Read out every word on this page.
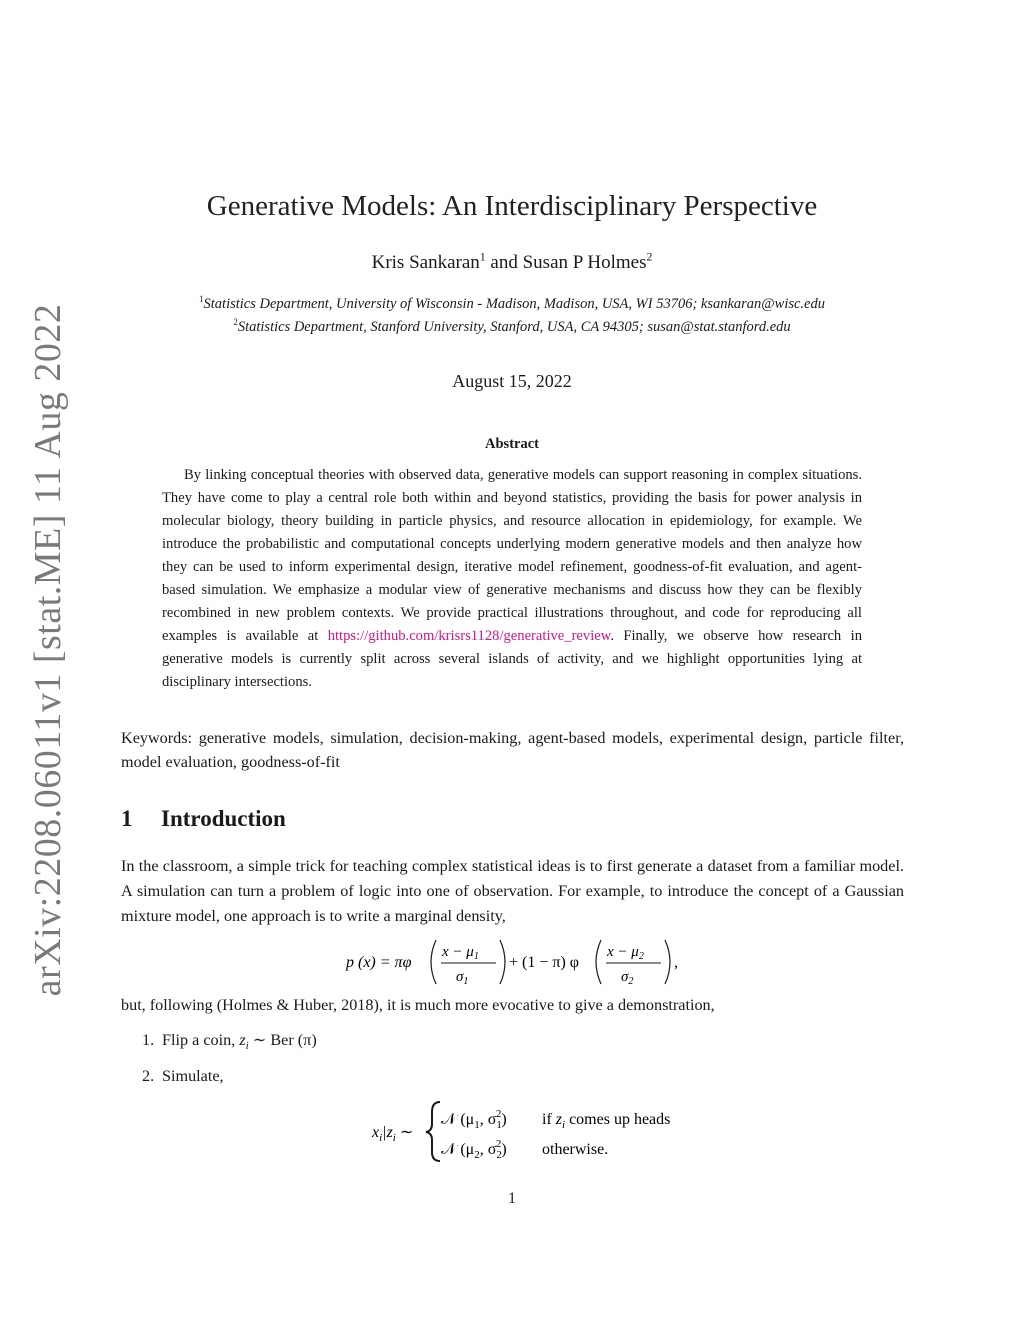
arXiv:2208.06011v1 [stat.ME] 11 Aug 2022
Generative Models: An Interdisciplinary Perspective
Kris Sankaran$^1$ and Susan P Holmes$^2$
$^1$Statistics Department, University of Wisconsin - Madison, Madison, USA, WI 53706; ksankaran@wisc.edu
$^2$Statistics Department, Stanford University, Stanford, USA, CA 94305; susan@stat.stanford.edu
August 15, 2022
Abstract
By linking conceptual theories with observed data, generative models can support reasoning in complex situations. They have come to play a central role both within and beyond statistics, providing the basis for power analysis in molecular biology, theory building in particle physics, and resource allocation in epidemiology, for example. We introduce the probabilistic and computational concepts underlying modern generative models and then analyze how they can be used to inform experimental design, iterative model refinement, goodness-of-fit evaluation, and agent-based simulation. We emphasize a modular view of generative mechanisms and discuss how they can be flexibly recombined in new problem contexts. We provide practical illustrations throughout, and code for reproducing all examples is available at https://github.com/krisrs1128/generative_review. Finally, we observe how research in generative models is currently split across several islands of activity, and we highlight opportunities lying at disciplinary intersections.
Keywords: generative models, simulation, decision-making, agent-based models, experimental design, particle filter, model evaluation, goodness-of-fit
1 Introduction
In the classroom, a simple trick for teaching complex statistical ideas is to first generate a dataset from a familiar model. A simulation can turn a problem of logic into one of observation. For example, to introduce the concept of a Gaussian mixture model, one approach is to write a marginal density,
p (x) = πφ
$x - \mu_1$
$\sigma_1$
+ (1 − π) φ
$x - \mu_2$
$\sigma_2$
,
but, following (Holmes & Huber, 2018), it is much more evocative to give a demonstration,
1. Flip a coin, $z_i$ ∼ Ber (π)
2. Simulate,
$x_i|z_i$ ∼
𝒩 ($\mu_1$, $\sigma_12$) if $z_i$ comes up heads
𝒩 ($\mu_2$, $\sigma_22$) otherwise.
1
